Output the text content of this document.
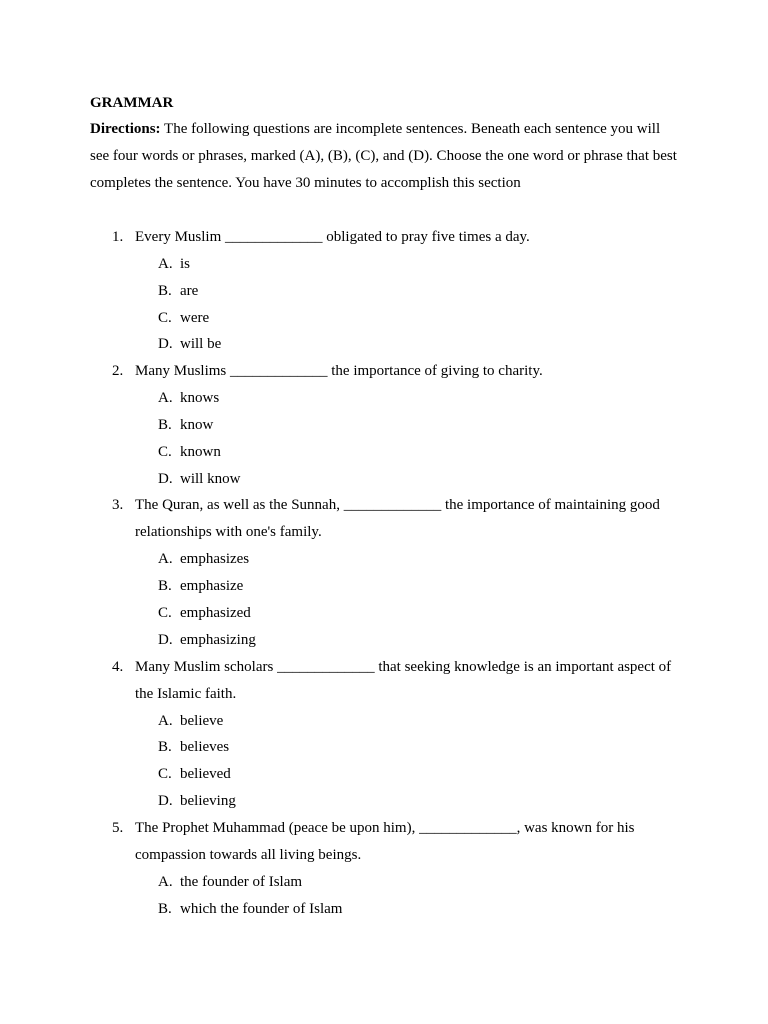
GRAMMAR

Directions: The following questions are incomplete sentences. Beneath each sentence you will see four words or phrases, marked (A), (B), (C), and (D). Choose the one word or phrase that best completes the sentence. You have 30 minutes to accomplish this section

1. Every Muslim _____________ obligated to pray five times a day.

A. is
B. are
C. were
D. will be
2. Many Muslims _____________ the importance of giving to charity.

A. knows
B. know
C. known
D. will know
3. The Quran, as well as the Sunnah, _____________ the importance of maintaining good relationships with one's family.

A. emphasizes
B. emphasize
C. emphasized
D. emphasizing
4. Many Muslim scholars _____________ that seeking knowledge is an important aspect of the Islamic faith.

A. believe
B. believes
C. believed
D. believing
5. The Prophet Muhammad (peace be upon him), _____________, was known for his compassion towards all living beings.

A. the founder of Islam
B. which the founder of Islam
